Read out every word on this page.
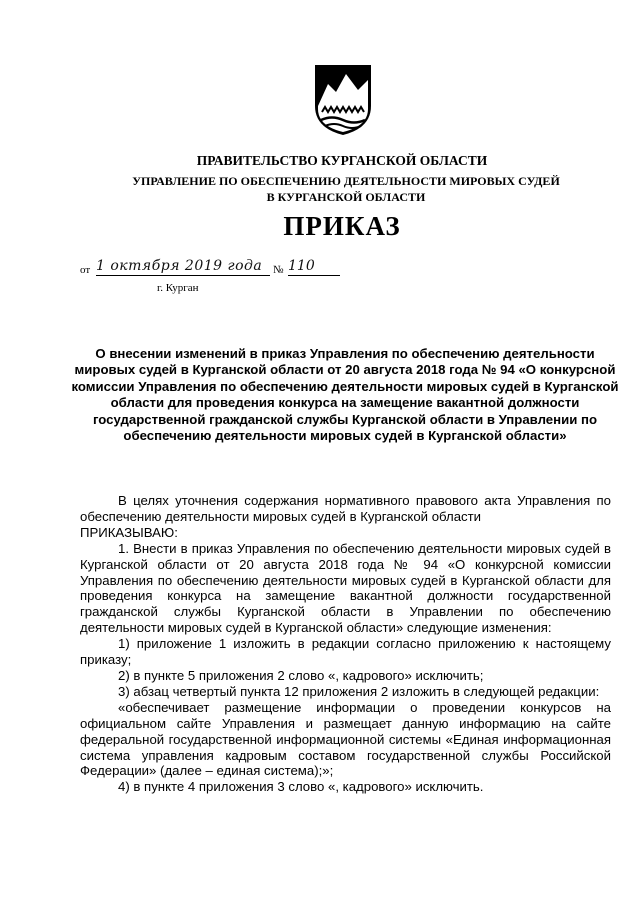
ПРАВИТЕЛЬСТВО КУРГАНСКОЙ ОБЛАСТИ
УПРАВЛЕНИЕ ПО ОБЕСПЕЧЕНИЮ ДЕЯТЕЛЬНОСТИ МИРОВЫХ СУДЕЙ
В КУРГАНСКОЙ ОБЛАСТИ
ПРИКАЗ
от 1 октября 2019 года № 110
г. Курган
О внесении изменений в приказ Управления по обеспечению деятельности мировых судей в Курганской области от 20 августа 2018 года № 94 «О конкурсной комиссии Управления по обеспечению деятельности мировых судей в Курганской области для проведения конкурса на замещение вакантной должности государственной гражданской службы Курганской области в Управлении по обеспечению деятельности мировых судей в Курганской области»

В целях уточнения содержания нормативного правового акта Управления по обеспечению деятельности мировых судей в Курганской области

ПРИКАЗЫВАЮ:

1. Внести в приказ Управления по обеспечению деятельности мировых судей в Курганской области от 20 августа 2018 года № 94 «О конкурсной комиссии Управления по обеспечению деятельности мировых судей в Курганской области для проведения конкурса на замещение вакантной должности государственной гражданской службы Курганской области в Управлении по обеспечению деятельности мировых судей в Курганской области» следующие изменения:

1) приложение 1 изложить в редакции согласно приложению к настоящему приказу;

2) в пункте 5 приложения 2 слово «, кадрового» исключить;

3) абзац четвертый пункта 12 приложения 2 изложить в следующей редакции:

«обеспечивает размещение информации о проведении конкурсов на официальном сайте Управления и размещает данную информацию на сайте федеральной государственной информационной системы «Единая информационная система управления кадровым составом государственной службы Российской Федерации» (далее – единая система);»;

4) в пункте 4 приложения 3 слово «, кадрового» исключить.
